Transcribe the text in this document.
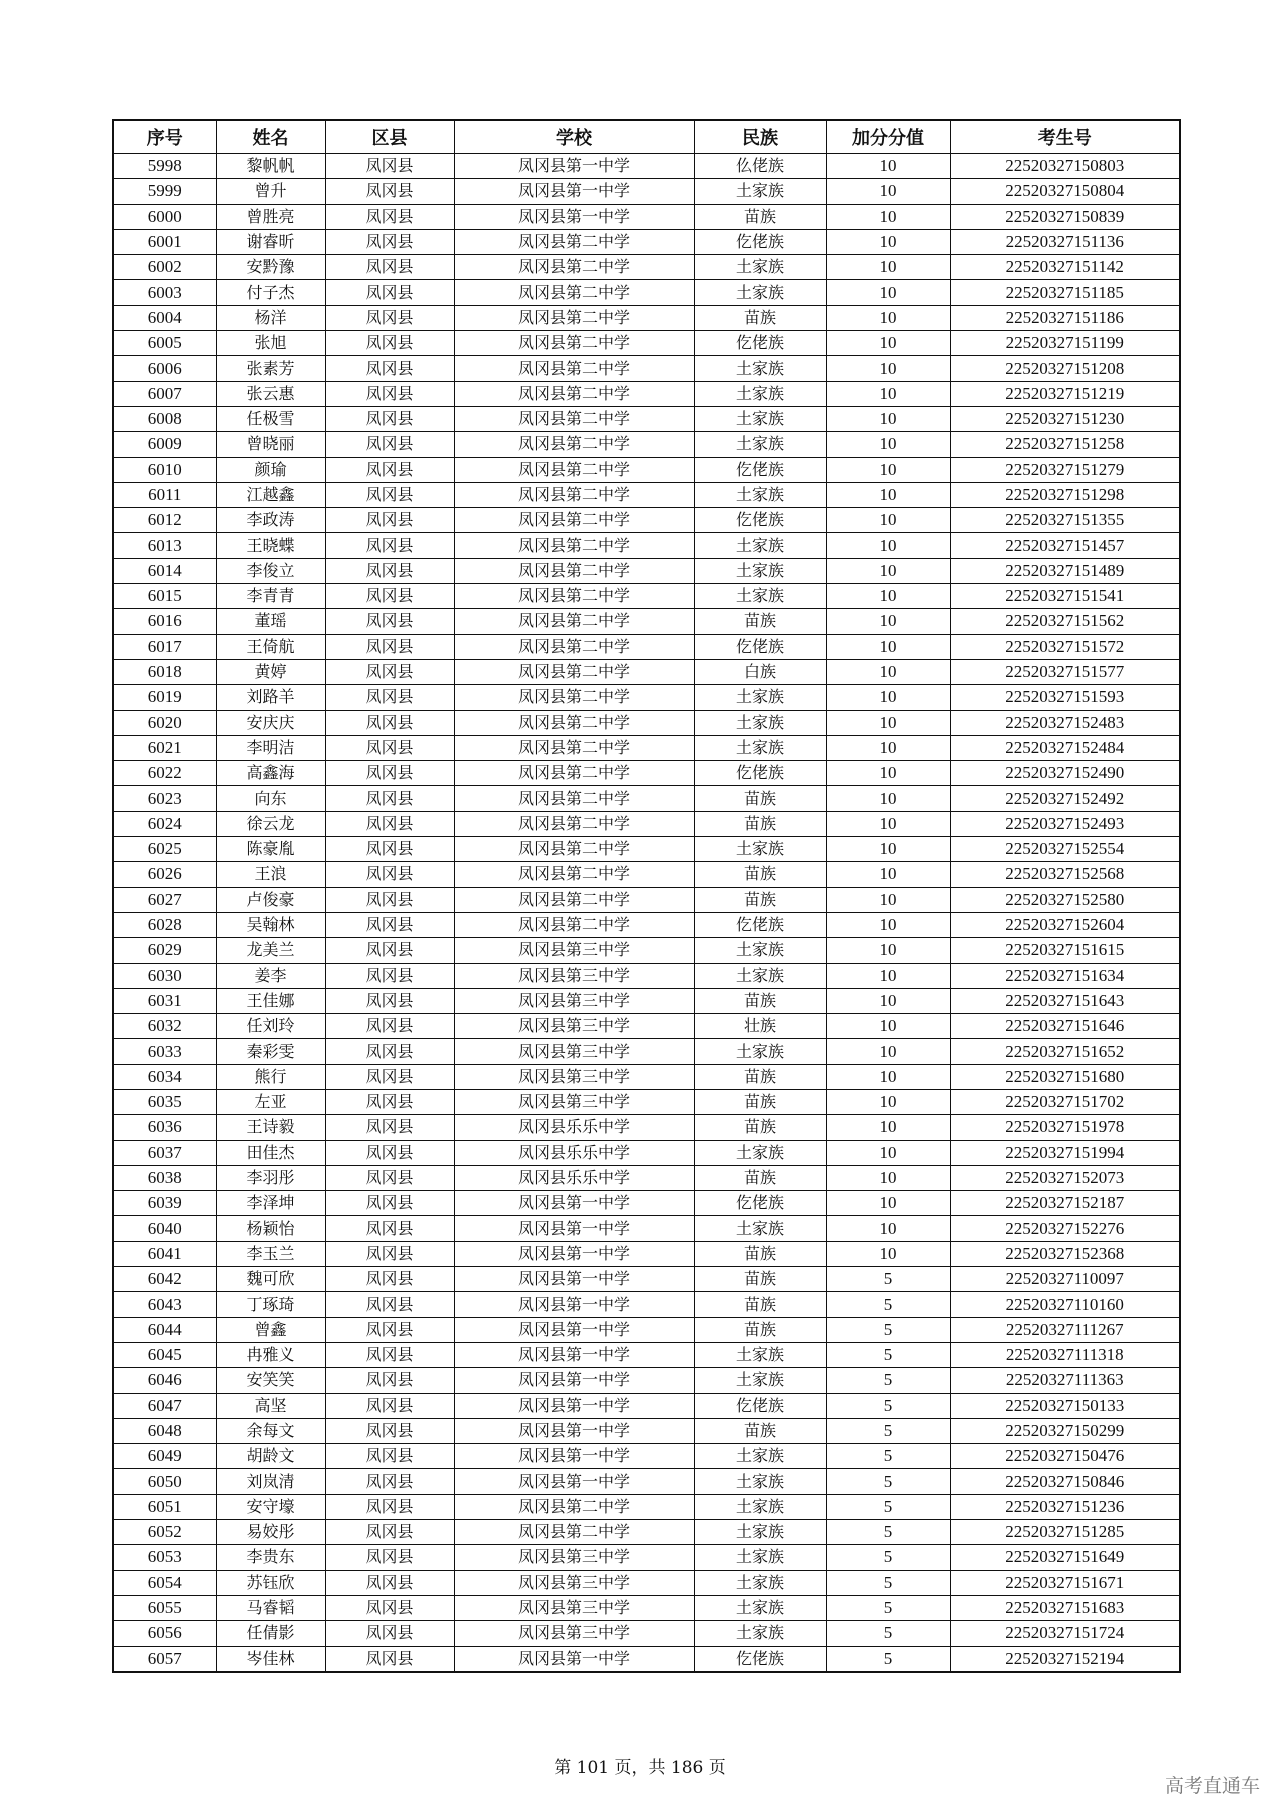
序号	姓名	区县	学校	民族	加分分值	考生号
5998	黎帆帆	凤冈县	凤冈县第一中学	仫佬族	10	22520327150803
5999	曾升	凤冈县	凤冈县第一中学	土家族	10	22520327150804
6000	曾胜亮	凤冈县	凤冈县第一中学	苗族	10	22520327150839
6001	谢睿昕	凤冈县	凤冈县第二中学	仡佬族	10	22520327151136
6002	安黔豫	凤冈县	凤冈县第二中学	土家族	10	22520327151142
6003	付子杰	凤冈县	凤冈县第二中学	土家族	10	22520327151185
6004	杨洋	凤冈县	凤冈县第二中学	苗族	10	22520327151186
6005	张旭	凤冈县	凤冈县第二中学	仡佬族	10	22520327151199
6006	张素芳	凤冈县	凤冈县第二中学	土家族	10	22520327151208
6007	张云惠	凤冈县	凤冈县第二中学	土家族	10	22520327151219
6008	任极雪	凤冈县	凤冈县第二中学	土家族	10	22520327151230
6009	曾晓丽	凤冈县	凤冈县第二中学	土家族	10	22520327151258
6010	颜瑜	凤冈县	凤冈县第二中学	仡佬族	10	22520327151279
6011	江越鑫	凤冈县	凤冈县第二中学	土家族	10	22520327151298
6012	李政涛	凤冈县	凤冈县第二中学	仡佬族	10	22520327151355
6013	王晓蝶	凤冈县	凤冈县第二中学	土家族	10	22520327151457
6014	李俊立	凤冈县	凤冈县第二中学	土家族	10	22520327151489
6015	李青青	凤冈县	凤冈县第二中学	土家族	10	22520327151541
6016	董瑶	凤冈县	凤冈县第二中学	苗族	10	22520327151562
6017	王倚航	凤冈县	凤冈县第二中学	仡佬族	10	22520327151572
6018	黄婷	凤冈县	凤冈县第二中学	白族	10	22520327151577
6019	刘路羊	凤冈县	凤冈县第二中学	土家族	10	22520327151593
6020	安庆庆	凤冈县	凤冈县第二中学	土家族	10	22520327152483
6021	李明洁	凤冈县	凤冈县第二中学	土家族	10	22520327152484
6022	高鑫海	凤冈县	凤冈县第二中学	仡佬族	10	22520327152490
6023	向东	凤冈县	凤冈县第二中学	苗族	10	22520327152492
6024	徐云龙	凤冈县	凤冈县第二中学	苗族	10	22520327152493
6025	陈豪胤	凤冈县	凤冈县第二中学	土家族	10	22520327152554
6026	王浪	凤冈县	凤冈县第二中学	苗族	10	22520327152568
6027	卢俊豪	凤冈县	凤冈县第二中学	苗族	10	22520327152580
6028	吴翰林	凤冈县	凤冈县第二中学	仡佬族	10	22520327152604
6029	龙美兰	凤冈县	凤冈县第三中学	土家族	10	22520327151615
6030	姜李	凤冈县	凤冈县第三中学	土家族	10	22520327151634
6031	王佳娜	凤冈县	凤冈县第三中学	苗族	10	22520327151643
6032	任刘玲	凤冈县	凤冈县第三中学	壮族	10	22520327151646
6033	秦彩雯	凤冈县	凤冈县第三中学	土家族	10	22520327151652
6034	熊行	凤冈县	凤冈县第三中学	苗族	10	22520327151680
6035	左亚	凤冈县	凤冈县第三中学	苗族	10	22520327151702
6036	王诗毅	凤冈县	凤冈县乐乐中学	苗族	10	22520327151978
6037	田佳杰	凤冈县	凤冈县乐乐中学	土家族	10	22520327151994
6038	李羽彤	凤冈县	凤冈县乐乐中学	苗族	10	22520327152073
6039	李泽坤	凤冈县	凤冈县第一中学	仡佬族	10	22520327152187
6040	杨颖怡	凤冈县	凤冈县第一中学	土家族	10	22520327152276
6041	李玉兰	凤冈县	凤冈县第一中学	苗族	10	22520327152368
6042	魏可欣	凤冈县	凤冈县第一中学	苗族	5	22520327110097
6043	丁琢琦	凤冈县	凤冈县第一中学	苗族	5	22520327110160
6044	曾鑫	凤冈县	凤冈县第一中学	苗族	5	22520327111267
6045	冉雅义	凤冈县	凤冈县第一中学	土家族	5	22520327111318
6046	安笑笑	凤冈县	凤冈县第一中学	土家族	5	22520327111363
6047	高坚	凤冈县	凤冈县第一中学	仡佬族	5	22520327150133
6048	余每文	凤冈县	凤冈县第一中学	苗族	5	22520327150299
6049	胡龄文	凤冈县	凤冈县第一中学	土家族	5	22520327150476
6050	刘岚清	凤冈县	凤冈县第一中学	土家族	5	22520327150846
6051	安守壕	凤冈县	凤冈县第二中学	土家族	5	22520327151236
6052	易姣彤	凤冈县	凤冈县第二中学	土家族	5	22520327151285
6053	李贵东	凤冈县	凤冈县第三中学	土家族	5	22520327151649
6054	苏钰欣	凤冈县	凤冈县第三中学	土家族	5	22520327151671
6055	马睿韬	凤冈县	凤冈县第三中学	土家族	5	22520327151683
6056	任倩影	凤冈县	凤冈县第三中学	土家族	5	22520327151724
6057	岑佳林	凤冈县	凤冈县第一中学	仡佬族	5	22520327152194
第 101 页，共 186 页
高考直通车
